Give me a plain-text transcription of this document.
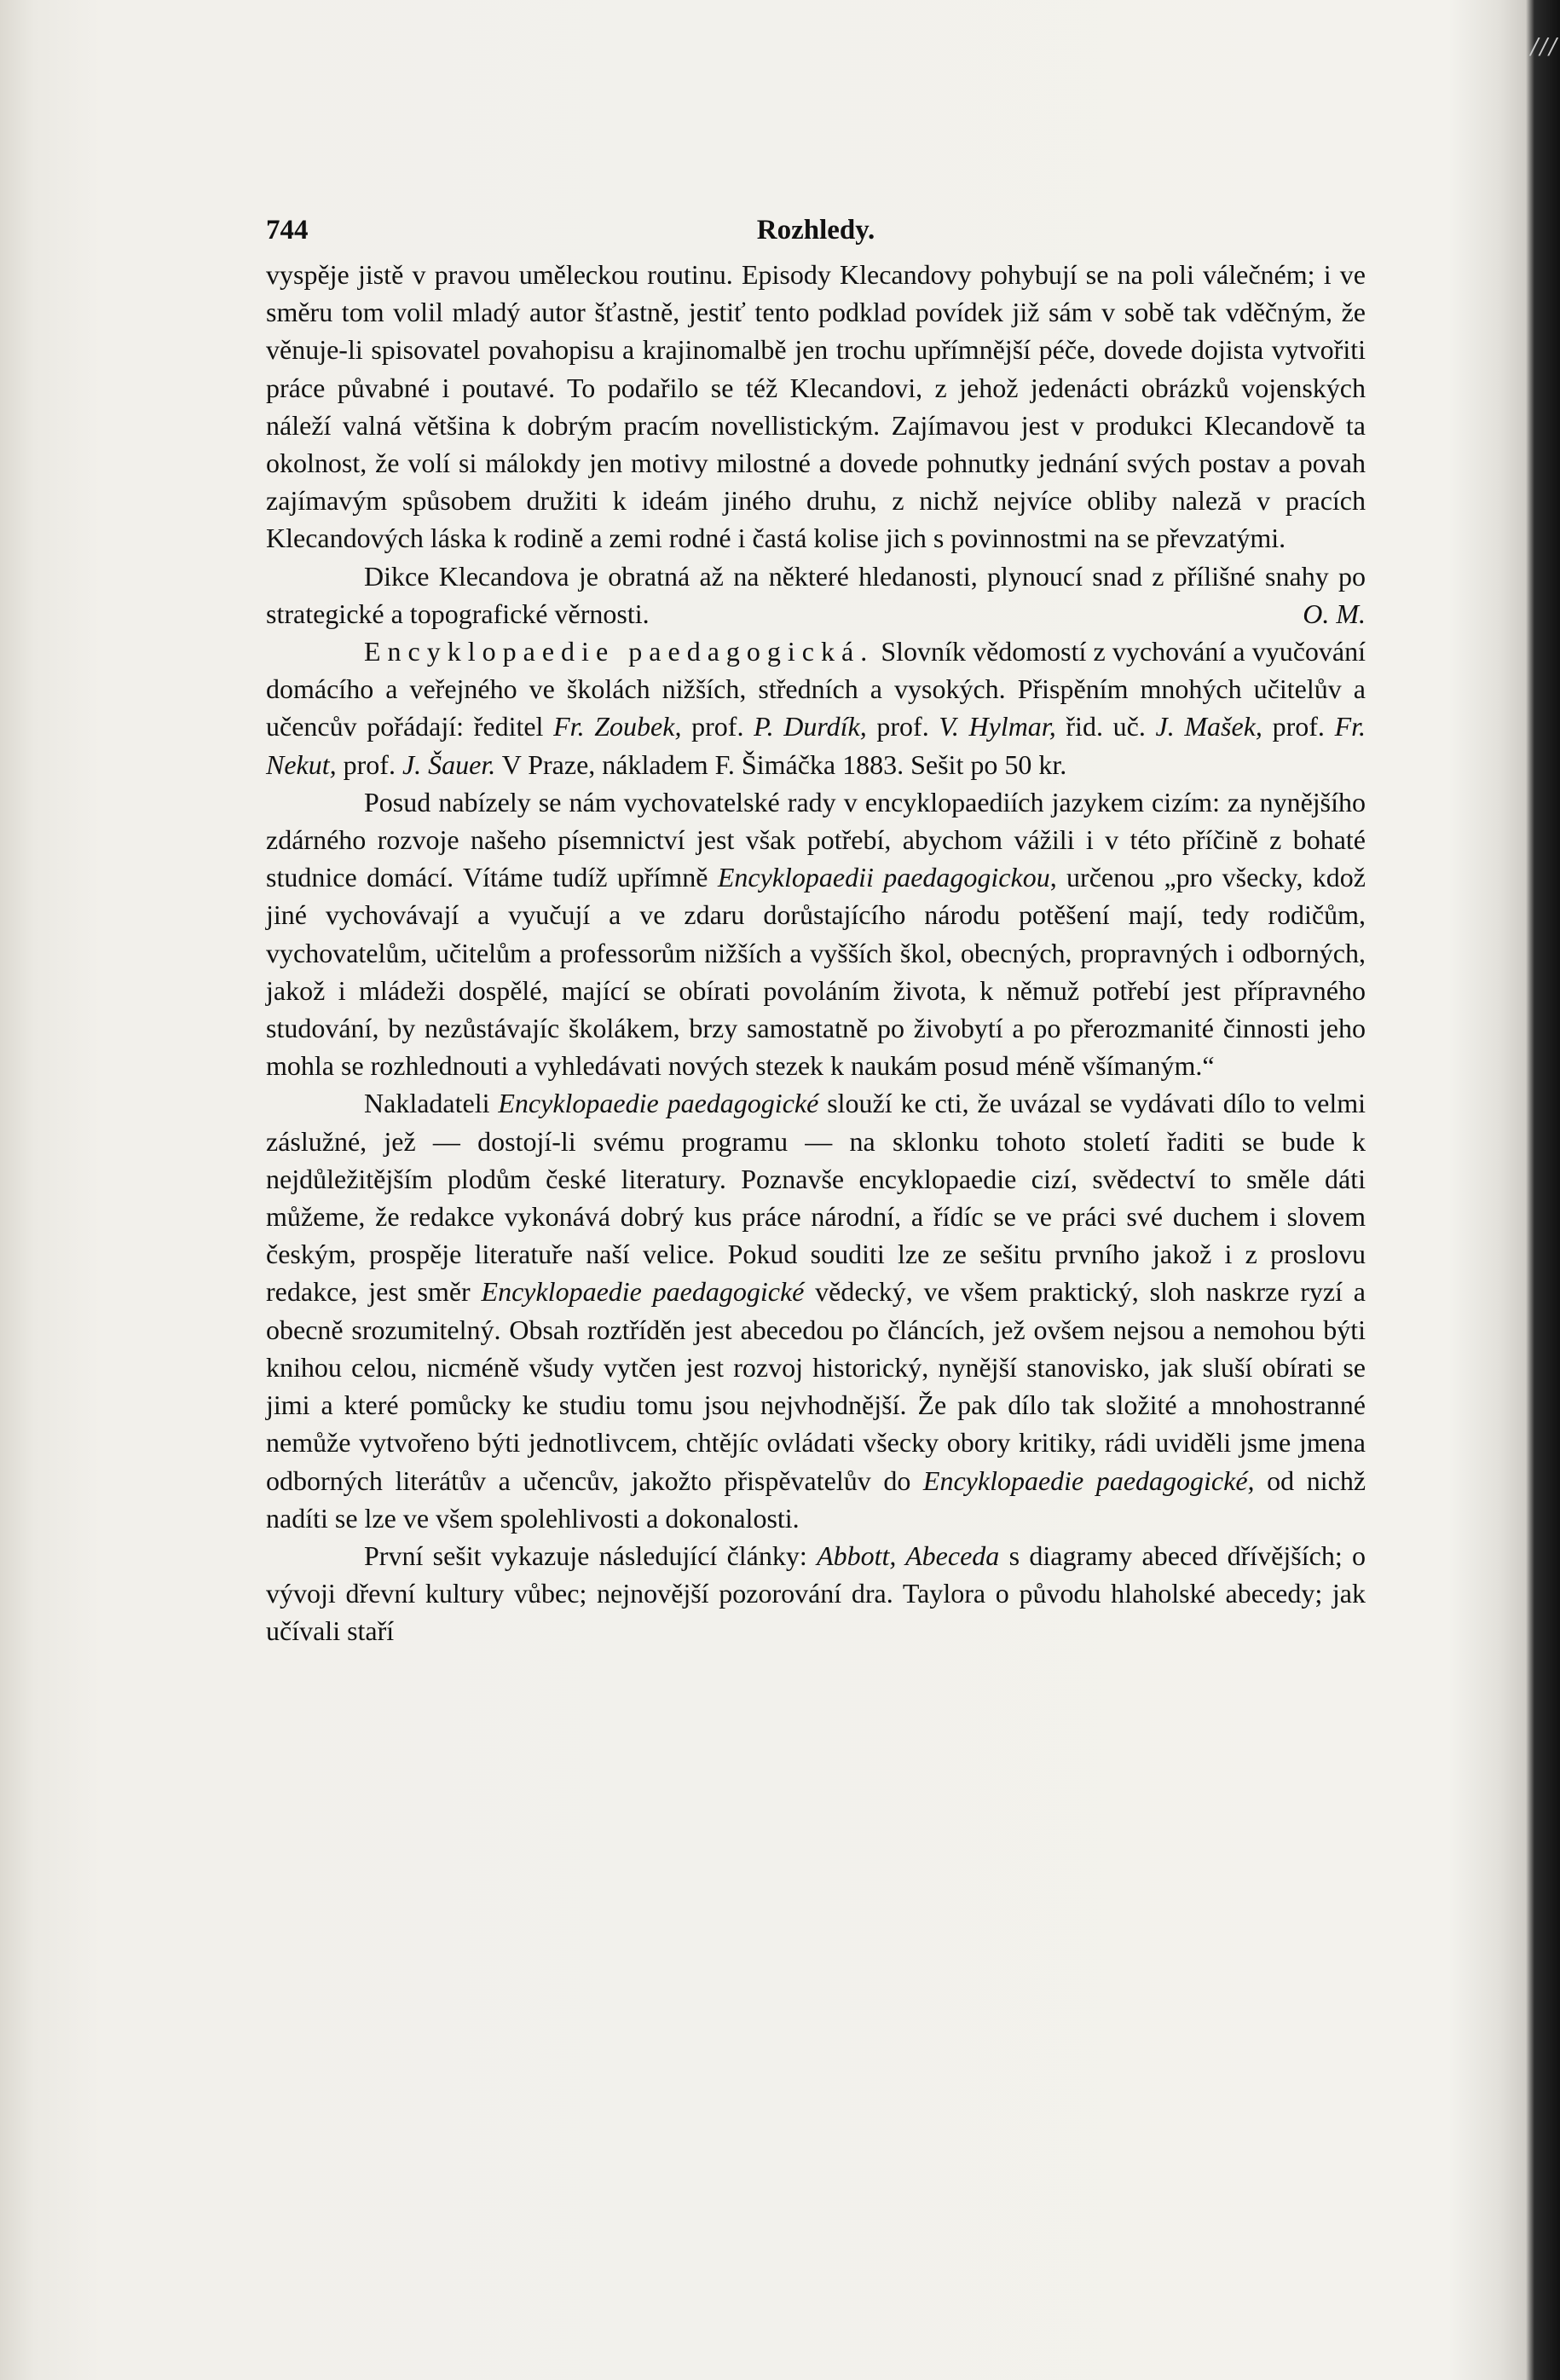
///
744	Rozhledy.

vyspěje jistě v pravou uměleckou routinu. Episody Klecandovy pohybují se na poli válečném; i ve směru tom volil mladý autor šťastně, jestiť tento podklad povídek již sám v sobě tak vděčným, že věnuje-li spisovatel povahopisu a krajinomalbě jen trochu upřímnější péče, dovede dojista vytvořiti práce půvabné i poutavé. To podařilo se též Klecandovi, z jehož jedenácti obrázků vojenských náleží valná většina k dobrým pracím novellistickým. Zajímavou jest v produkci Klecandově ta okolnost, že volí si málokdy jen motivy milostné a dovede pohnutky jednání svých postav a povah zajímavým spůsobem družiti k ideám jiného druhu, z nichž nejvíce obliby naleză v pracích Klecandových láska k rodině a zemi rodné i častá kolise jich s povinnostmi na se převzatými.

Dikce Klecandova je obratná až na některé hledanosti, plynoucí snad z přílišné snahy po strategické a topografické věrnosti.	O. M.

Encyklopaedie paedagogická. Slovník vědomostí z vychování a vyučování domácího a veřejného ve školách nižších, středních a vysokých. Přispěním mnohých učitelův a učencův pořádají: ředitel Fr. Zoubek, prof. P. Durdík, prof. V. Hylmar, řid. uč. J. Mašek, prof. Fr. Nekut, prof. J. Šauer. V Praze, nákladem F. Šimáčka 1883. Sešit po 50 kr.

Posud nabízely se nám vychovatelské rady v encyklopaediích jazykem cizím: za nynějšího zdárného rozvoje našeho písemnictví jest však potřebí, abychom vážili i v této příčině z bohaté studnice domácí. Vítáme tudíž upřímně Encyklopaedii paedagogickou, určenou „pro všecky, kdož jiné vychovávají a vyučují a ve zdaru dorůstajícího národu potěšení mají, tedy rodičům, vychovatelům, učitelům a professorům nižších a vyšších škol, obecných, propravných i odborných, jakož i mládeži dospělé, mající se obírati povoláním života, k němuž potřebí jest přípravného studování, by nezůstávajíc školákem, brzy samostatně po živobytí a po přerozmanité činnosti jeho mohla se rozhlednouti a vyhledávati nových stezek k naukám posud méně všímaným.“

Nakladateli Encyklopaedie paedagogické slouží ke cti, že uvázal se vydávati dílo to velmi záslužné, jež — dostojí-li svému programu — na sklonku tohoto století řaditi se bude k nejdůležitějším plodům české literatury. Poznavše encyklopaedie cizí, svědectví to směle dáti můžeme, že redakce vykonává dobrý kus práce národní, a řídíc se ve práci své duchem i slovem českým, prospěje literatuře naší velice. Pokud souditi lze ze sešitu prvního jakož i z proslovu redakce, jest směr Encyklopaedie paedagogické vědecký, ve všem praktický, sloh naskrze ryzí a obecně srozumitelný. Obsah roztříděn jest abecedou po článcích, jež ovšem nejsou a nemohou býti knihou celou, nicméně všudy vytčen jest rozvoj historický, nynější stanovisko, jak sluší obírati se jimi a které pomůcky ke studiu tomu jsou nejvhodnější. Že pak dílo tak složité a mnohostranné nemůže vytvořeno býti jednotlivcem, chtějíc ovládati všecky obory kritiky, rádi uviděli jsme jmena odborných literátův a učencův, jakožto přispěvatelův do Encyklopaedie paedagogické, od nichž nadíti se lze ve všem spolehlivosti a dokonalosti.

První sešit vykazuje následující články: Abbott, Abeceda s diagramy abeced dřívějších; o vývoji dřevní kultury vůbec; nejnovější pozorování dra. Taylora o původu hlaholské abecedy; jak učívali staří
